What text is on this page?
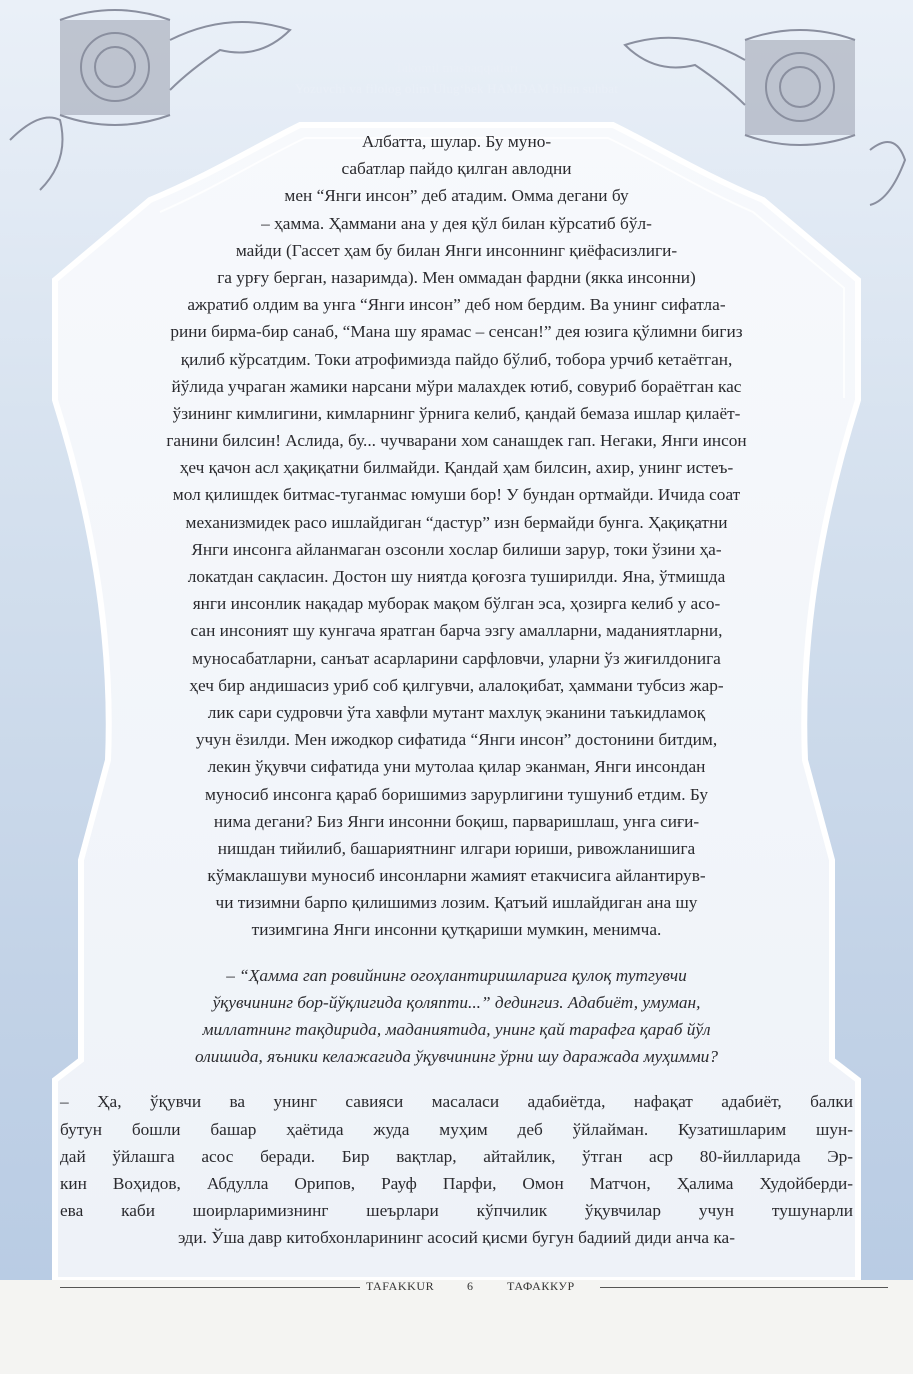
Takomil mashaqqatlari
Yozuvchi va filolog olim Ulug‘bek HAMDAM bilan suhbat
Албатта, шулар. Бу муно-
сабатлар пайдо қилган авлодни
мен “Янги инсон” деб атадим. Омма дегани бу
– ҳамма. Ҳаммани ана у дея қўл билан кўрсатиб бўл-
майди (Гассет ҳам бу билан Янги инсоннинг қиёфасизлиги-
га урғу берган, назаримда). Мен оммадан фардни (якка инсонни)
ажратиб олдим ва унга “Янги инсон” деб ном бердим. Ва унинг сифатла-
рини бирма-бир санаб, “Мана шу ярамас – сенсан!” дея юзига қўлимни бигиз
қилиб кўрсатдим. Токи атрофимизда пайдо бўлиб, тобора урчиб кетаётган,
йўлида учраган жамики нарсани мўри малахдек ютиб, совуриб бораётган кас
ўзининг кимлигини, кимларнинг ўрнига келиб, қандай бемаза ишлар қилаёт-
ганини билсин! Аслида, бу... чучварани хом санашдек гап. Негаки, Янги инсон
ҳеч қачон асл ҳақиқатни билмайди. Қандай ҳам билсин, ахир, унинг истеъ-
мол қилишдек битмас-туганмас юмуши бор! У бундан ортмайди. Ичида соат
механизмидек расо ишлайдиган “дастур” изн бермайди бунга. Ҳақиқатни
Янги инсонга айланмаган озсонли хослар билиши зарур, токи ўзини ҳа-
локатдан сақласин. Достон шу ниятда қоғозга туширилди. Яна, ўтмишда
янги инсонлик нақадар муборак мақом бўлган эса, ҳозирга келиб у асо-
сан инсоният шу кунгача яратган барча эзгу амалларни, маданиятларни,
муносабатларни, санъат асарларини сарфловчи, уларни ўз жиғилдонига
ҳеч бир андишасиз уриб соб қилгувчи, алалоқибат, ҳаммани тубсиз жар-
лик сари судровчи ўта хавфли мутант махлуқ эканини таъкидламоқ
учун ёзилди. Мен ижодкор сифатида “Янги инсон” достонини битдим,
лекин ўқувчи сифатида уни мутолаа қилар эканман, Янги инсондан
муносиб инсонга қараб боришимиз зарурлигини тушуниб етдим. Бу
нима дегани? Биз Янги инсонни боқиш, парваришлаш, унга сиғи-
нишдан тийилиб, башариятнинг илгари юриши, ривожланишига
кўмаклашуви муносиб инсонларни жамият етакчисига айлантирув-
чи тизимни барпо қилишимиз лозим. Қатъий ишлайдиган ана шу
тизимгина Янги инсонни қутқариши мумкин, менимча.
– “Ҳамма гап ровийнинг огоҳлантиришларига қулоқ тутгувчи
ўқувчининг бор-йўқлигида қоляпти...” дедингиз. Адабиёт, умуман,
миллатнинг тақдирида, маданиятида, унинг қай тарафга қараб йўл
олишида, яъники келажагида ўқувчининг ўрни шу даражада муҳимми?
– Ҳа, ўқувчи ва унинг савияси масаласи адабиётда, нафақат адабиёт, балки
бутун бошли башар ҳаётида жуда муҳим деб ўйлайман. Кузатишларим шун-
дай ўйлашга асос беради. Бир вақтлар, айтайлик, ўтган аср 80-йилларида Эр-
кин Воҳидов, Абдулла Орипов, Рауф Парфи, Омон Матчон, Ҳалима Худойберди-
ева каби шоирларимизнинг шеърлари кўпчилик ўқувчилар учун тушунарли
эди. Ўша давр китобхонларининг асосий қисми бугун бадиий диди анча ка-
TAFAKKUR	6	ТАФАККУР
